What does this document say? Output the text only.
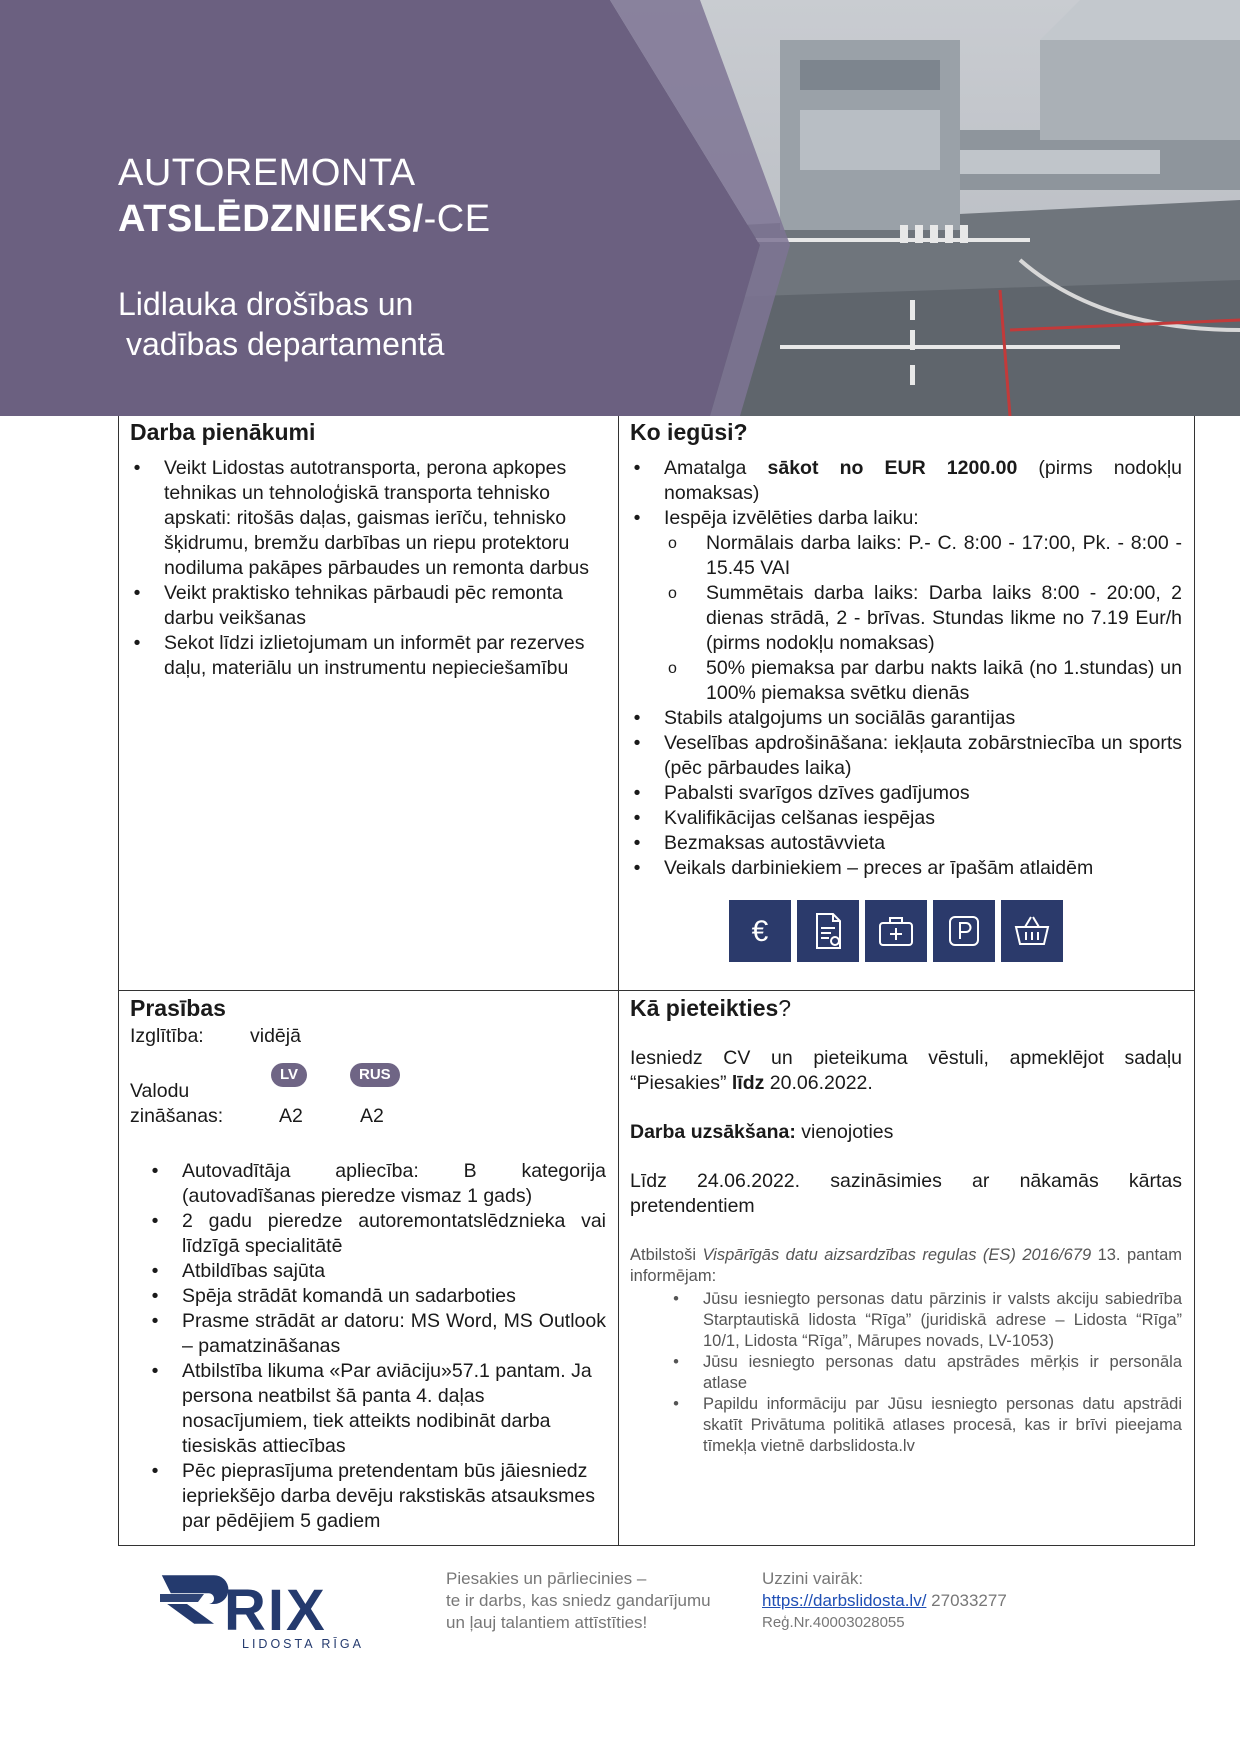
AUTOREMONTA
ATSLĒDZNIEKS/-CE
Lidlauka drošības un
vadības departamentā
Darba pienākumi
• Veikt Lidostas autotransporta, perona apkopes tehnikas un tehnoloģiskā transporta tehnisko apskati: ritošās daļas, gaismas ierīču, tehnisko šķidrumu, bremžu darbības un riepu protektoru nodiluma pakāpes pārbaudes un remonta darbus
• Veikt praktisko tehnikas pārbaudi pēc remonta darbu veikšanas
• Sekot līdzi izlietojumam un informēt par rezerves daļu, materiālu un instrumentu nepieciešamību
Ko iegūsi?
• Amatalga sākot no EUR 1200.00 (pirms nodokļu nomaksas)
• Iespēja izvēlēties darba laiku:
o Normālais darba laiks: P.- C. 8:00 - 17:00, Pk. - 8:00 - 15.45 VAI
o Summētais darba laiks: Darba laiks 8:00 - 20:00, 2 dienas strādā, 2 - brīvas. Stundas likme no 7.19 Eur/h (pirms nodokļu nomaksas)
o 50% piemaksa par darbu nakts laikā (no 1.stundas) un 100% piemaksa svētku dienās
• Stabils atalgojums un sociālās garantijas
• Veselības apdrošināšana: iekļauta zobārstniecība un sports (pēc pārbaudes laika)
• Pabalsti svarīgos dzīves gadījumos
• Kvalifikācijas celšanas iespējas
• Bezmaksas autostāvvieta
• Veikals darbiniekiem – preces ar īpašām atlaidēm
€
Prasības
Izglītība:	vidējā
Valodu
zināšanas:
LV	RUS
A2	A2
• Autovadītāja apliecība: B kategorija (autovadīšanas pieredze vismaz 1 gads)
• 2 gadu pieredze autoremontatslēdznieka vai līdzīgā specialitātē
• Atbildības sajūta
• Spēja strādāt komandā un sadarboties
• Prasme strādāt ar datoru: MS Word, MS Outlook – pamatzināšanas
• Atbilstība likuma «Par aviāciju»57.1 pantam. Ja persona neatbilst šā panta 4. daļas nosacījumiem, tiek atteikts nodibināt darba tiesiskās attiecības
• Pēc pieprasījuma pretendentam būs jāiesniedz iepriekšējo darba devēju rakstiskās atsauksmes par pēdējiem 5 gadiem
Kā pieteikties?

Iesniedz CV un pieteikuma vēstuli, apmeklējot sadaļu “Piesakies” līdz 20.06.2022.

Darba uzsākšana: vienojoties

Līdz 24.06.2022. sazināsimies ar nākamās kārtas pretendentiem

Atbilstoši Vispārīgās datu aizsardzības regulas (ES) 2016/679 13. pantam informējam:
• Jūsu iesniegto personas datu pārzinis ir valsts akciju sabiedrība Starptautiskā lidosta “Rīga” (juridiskā adrese – Lidosta “Rīga” 10/1, Lidosta “Rīga”, Mārupes novads, LV-1053)
• Jūsu iesniegto personas datu apstrādes mērķis ir personāla atlase
• Papildu informāciju par Jūsu iesniegto personas datu apstrādi skatīt Privātuma politikā atlases procesā, kas ir brīvi pieejama tīmekļa vietnē darbslidosta.lv
RIX
LIDOSTA RĪGA
Piesakies un pārliecinies –
te ir darbs, kas sniedz gandarījumu
un ļauj talantiem attīstīties!
Uzzini vairāk:
https://darbslidosta.lv/ 27033277
Reģ.Nr.40003028055
